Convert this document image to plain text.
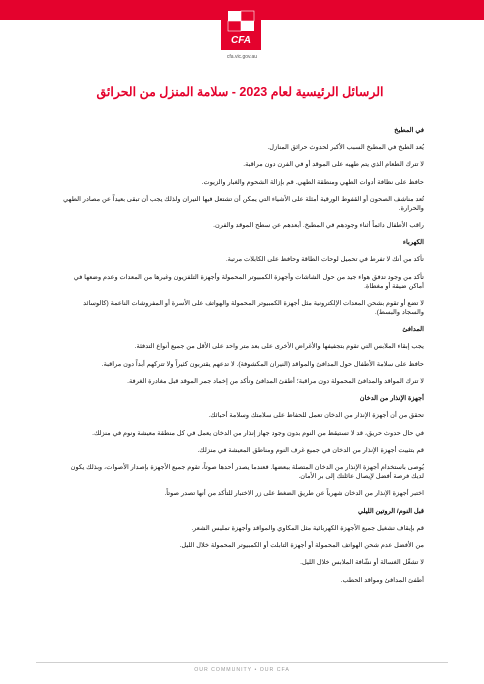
CFA
cfa.vic.gov.au
الرسائل الرئيسية لعام 2023 - سلامة المنزل من الحرائق
في المطبخ
يُعد الطبخ في المطبخ السبب الأكبر لحدوث حرائق المنازل.
لا تترك الطعام الذي يتم طهيه على الموقد أو في الفرن دون مراقبة.
حافظ على نظافة أدوات الطهي ومنطقة الطهي. قم بإزالة الشحوم والغبار والزيوت.
تُعد مناشف الصحون أو القفوط الورقية أمثلة على الأشياء التي يمكن أن تشتعل فيها النيران ولذلك يجب أن تبقى بعيداً عن مصادر الطهي والحرارة.
راقب الأطفال دائماً أثناء وجودهم في المطبخ. أبعدهم عن سطح الموقد والفرن.
الكهرباء
تأكد من أنك لا تفرط في تحميل لوحات الطاقة وحافظ على الكابلات مرتبة.
تأكد من وجود تدفق هواء جيد من حول الشاشات وأجهزة الكمبيوتر المحمولة وأجهزة التلفزيون وغيرها من المعدات وعدم وضعها في أماكن ضيقة أو مغطاة.
لا تضع أو تقوم بشحن المعدات الإلكترونية مثل أجهزة الكمبيوتر المحمولة والهواتف على الأسرة أو المفروشات الناعمة (كالوسائد والسجاد والبسط).
المدافئ
يجب إبقاء الملابس التي تقوم بتجفيفها والأغراض الأخرى على بعد متر واحد على الأقل من جميع أنواع التدفئة.
حافظ على سلامة الأطفال حول المدافئ والمواقد (النيران المكشوفة). لا تدعهم يقتربون كثيراً ولا تتركهم أبداً دون مراقبة.
لا تترك المواقد والمدافئ المحمولة دون مراقبة؛ أطفئ المدافئ وتأكد من إخماد جمر الموقد قبل مغادرة الغرفة.
أجهزة الإنذار من الدخان
تحقق من أن أجهزة الإنذار من الدخان تعمل للحفاظ على سلامتك وسلامة أحبائك.
في حال حدوث حريق، قد لا تستيقظ من النوم بدون وجود جهاز إنذار من الدخان يعمل في كل منطقة معيشة ونوم في منزلك.
قم بتثبيت أجهزة الإنذار من الدخان في جميع غرف النوم ومناطق المعيشة في منزلك.
يُوصى باستخدام أجهزة الإنذار من الدخان المتصلة ببعضها. فعندما يصدر أحدها صوتاً، تقوم جميع الأجهزة بإصدار الأصوات، وبذلك يكون لديك فرصة أفضل لإيصال عائلتك إلى بر الأمان.
اختبر أجهزة الإنذار من الدخان شهرياً عن طريق الضغط على زر الاختبار للتأكد من أنها تصدر صوتاً.
قبل النوم/ الروتين الليلي
قم بإيقاف تشغيل جميع الأجهزة الكهربائية مثل المكاوي والمواقد وأجهزة تمليس الشعر.
من الأفضل عدم شحن الهواتف المحمولة أو أجهزة التابلت أو الكمبيوتر المحمولة خلال الليل.
لا تشغّل الغسالة أو نشّافة الملابس خلال الليل.
أطفئ المدافئ ومواقد الحطب.
OUR COMMUNITY • OUR CFA
